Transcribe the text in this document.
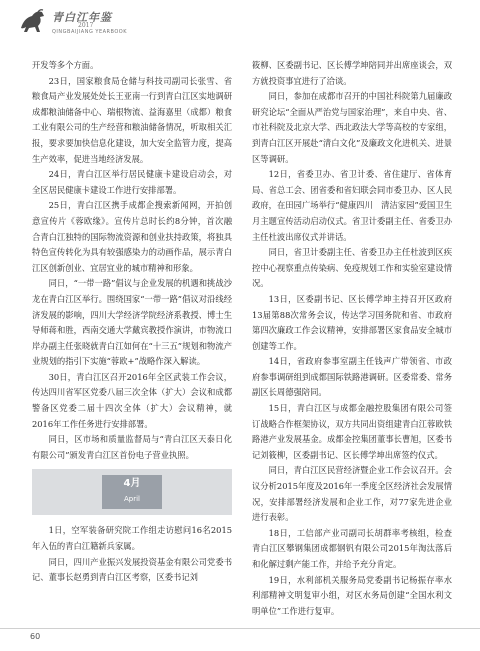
青白江年鉴
2017
QINGBAIJIANG YEARBOOK

开发等多个方面。

23日，国家粮食局仓储与科技司副司长张雪、省粮食局产业发展处处长王亚南一行到青白江区实地调研成都粮油储备中心、瑞根物流、益海嘉里（成都）粮食工业有限公司的生产经营和粮油储备情况，听取相关汇报，要求要加快信息化建设，加大安全监管力度，提高生产效率，促进当地经济发展。

24日，青白江区举行居民健康卡建设启动会，对全区居民健康卡建设工作进行安排部署。

25日，青白江区携手成都企搜索新闻网，开拍创意宣传片《蓉欧缘》。宣传片总时长约8分钟，首次融合青白江独特的国际物流资源和创业扶持政策，将独具特色宣传转化为具有较强感染力的动画作品，展示青白江区创新创业、宜居宜业的城市精神和形象。

同日，“一带一路”倡议与企业发展的机遇和挑战沙龙在青白江区举行。围绕国家“一带一路”倡议对沿线经济发展的影响，四川大学经济学院经济系教授、博士生导师蒋和胜，西南交通大学戴宾教授作演讲，市物流口岸办副主任张晓就青白江如何在“十三五”规划和物流产业规划的指引下实施“蓉欧+”战略作深入解读。

30日，青白江区召开2016年全区武装工作会议，传达四川省军区党委八届三次全体（扩大）会议和成都警备区党委二届十四次全体（扩大）会议精神，就2016年工作任务进行安排部署。

同日，区市场和质量监督局与“青白江区天泰日化有限公司”颁发青白江区首份电子营业执照。

4月
April

1日，空军装备研究院工作组走访慰问16名2015年入伍的青白江籍新兵家属。

同日，四川产业振兴发展投资基金有限公司党委书记、董事长赵勇到青白江区考察，区委书记刘

筱柳、区委副书记、区长傅学坤陪同并出席座谈会，双方就投资事宜进行了洽谈。

同日，参加在成都市召开的中国社科院第九届廉政研究论坛“全面从严治党与国家治理”，来自中央、省、市社科院及北京大学、西北政法大学等高校的专家组，到青白江区开展赴“清白文化”及廉政文化进机关、进景区等调研。

12日，省委卫办、省卫计委、省住建厅、省体育局、省总工会、团省委和省妇联会同市委卫办、区人民政府，在田园广场举行“健康四川　清洁家园”爱国卫生月主题宣传活动启动仪式。省卫计委副主任、省委卫办主任杜波出席仪式并讲话。

同日，省卫计委副主任、省委卫办主任杜波到区疾控中心视察重点传染病、免疫规划工作和实验室建设情况。

13日，区委副书记、区长傅学坤主持召开区政府13届第88次常务会议，传达学习国务院和省、市政府第四次廉政工作会议精神，安排部署区家食品安全城市创建等工作。

14日，省政府参事室副主任钱声广带领省、市政府参事调研组到成都国际铁路港调研。区委常委、常务副区长周德强陪同。

15日，青白江区与成都金融控股集团有限公司签订战略合作框架协议，双方共同出资组建青白江蓉欧铁路港产业发展基金。成都金控集团董事长曹旭，区委书记刘筱柳，区委副书记、区长傅学坤出席签约仪式。

同日，青白江区民营经济暨企业工作会议召开。会议分析2015年度及2016年一季度全区经济社会发展情况，安排部署经济发展和企业工作，对77家先进企业进行表彰。

18日，工信部产业司副司长胡群率考核组，检查青白江区攀钢集团成都钢钒有限公司2015年淘汰落后和化解过剩产能工作，并给予充分肯定。

19日，水利部机关服务局党委副书记杨振存率水利部精神文明复审小组，对区水务局创建“全国水利文明单位”工作进行复审。

60
